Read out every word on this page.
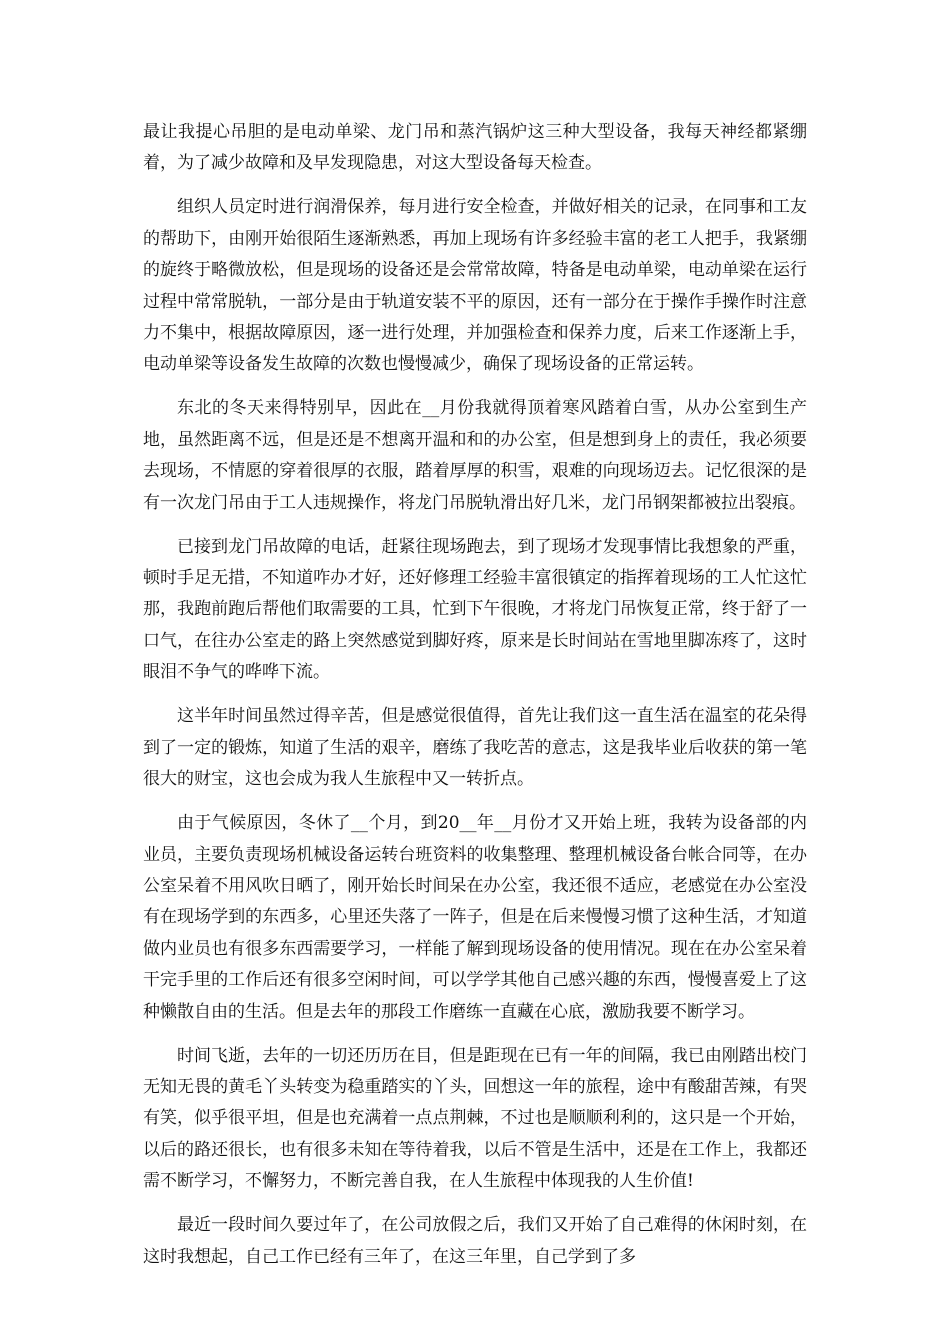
最让我提心吊胆的是电动单梁、龙门吊和蒸汽锅炉这三种大型设备，我每天神经都紧绷着，为了减少故障和及早发现隐患，对这大型设备每天检查。

组织人员定时进行润滑保养，每月进行安全检查，并做好相关的记录，在同事和工友的帮助下，由刚开始很陌生逐渐熟悉，再加上现场有许多经验丰富的老工人把手，我紧绷的旋终于略微放松，但是现场的设备还是会常常故障，特备是电动单梁，电动单梁在运行过程中常常脱轨，一部分是由于轨道安装不平的原因，还有一部分在于操作手操作时注意力不集中，根据故障原因，逐一进行处理，并加强检查和保养力度，后来工作逐渐上手，电动单梁等设备发生故障的次数也慢慢减少，确保了现场设备的正常运转。

东北的冬天来得特别早，因此在__月份我就得顶着寒风踏着白雪，从办公室到生产地，虽然距离不远，但是还是不想离开温和和的办公室，但是想到身上的责任，我必须要去现场，不情愿的穿着很厚的衣服，踏着厚厚的积雪，艰难的向现场迈去。记忆很深的是有一次龙门吊由于工人违规操作，将龙门吊脱轨滑出好几米，龙门吊钢架都被拉出裂痕。

已接到龙门吊故障的电话，赶紧往现场跑去，到了现场才发现事情比我想象的严重，顿时手足无措，不知道咋办才好，还好修理工经验丰富很镇定的指挥着现场的工人忙这忙那，我跑前跑后帮他们取需要的工具，忙到下午很晚，才将龙门吊恢复正常，终于舒了一口气，在往办公室走的路上突然感觉到脚好疼，原来是长时间站在雪地里脚冻疼了，这时眼泪不争气的哗哗下流。

这半年时间虽然过得辛苦，但是感觉很值得，首先让我们这一直生活在温室的花朵得到了一定的锻炼，知道了生活的艰辛，磨练了我吃苦的意志，这是我毕业后收获的第一笔很大的财宝，这也会成为我人生旅程中又一转折点。

由于气候原因，冬休了__个月，到20__年__月份才又开始上班，我转为设备部的内业员，主要负责现场机械设备运转台班资料的收集整理、整理机械设备台帐合同等，在办公室呆着不用风吹日晒了，刚开始长时间呆在办公室，我还很不适应，老感觉在办公室没有在现场学到的东西多，心里还失落了一阵子，但是在后来慢慢习惯了这种生活，才知道做内业员也有很多东西需要学习，一样能了解到现场设备的使用情况。现在在办公室呆着干完手里的工作后还有很多空闲时间，可以学学其他自己感兴趣的东西，慢慢喜爱上了这种懒散自由的生活。但是去年的那段工作磨练一直藏在心底，激励我要不断学习。

时间飞逝，去年的一切还历历在目，但是距现在已有一年的间隔，我已由刚踏出校门无知无畏的黄毛丫头转变为稳重踏实的丫头，回想这一年的旅程，途中有酸甜苦辣，有哭有笑，似乎很平坦，但是也充满着一点点荆棘，不过也是顺顺利利的，这只是一个开始，以后的路还很长，也有很多未知在等待着我，以后不管是生活中，还是在工作上，我都还需不断学习，不懈努力，不断完善自我，在人生旅程中体现我的人生价值!

最近一段时间久要过年了，在公司放假之后，我们又开始了自己难得的休闲时刻，在这时我想起，自己工作已经有三年了，在这三年里，自己学到了多
